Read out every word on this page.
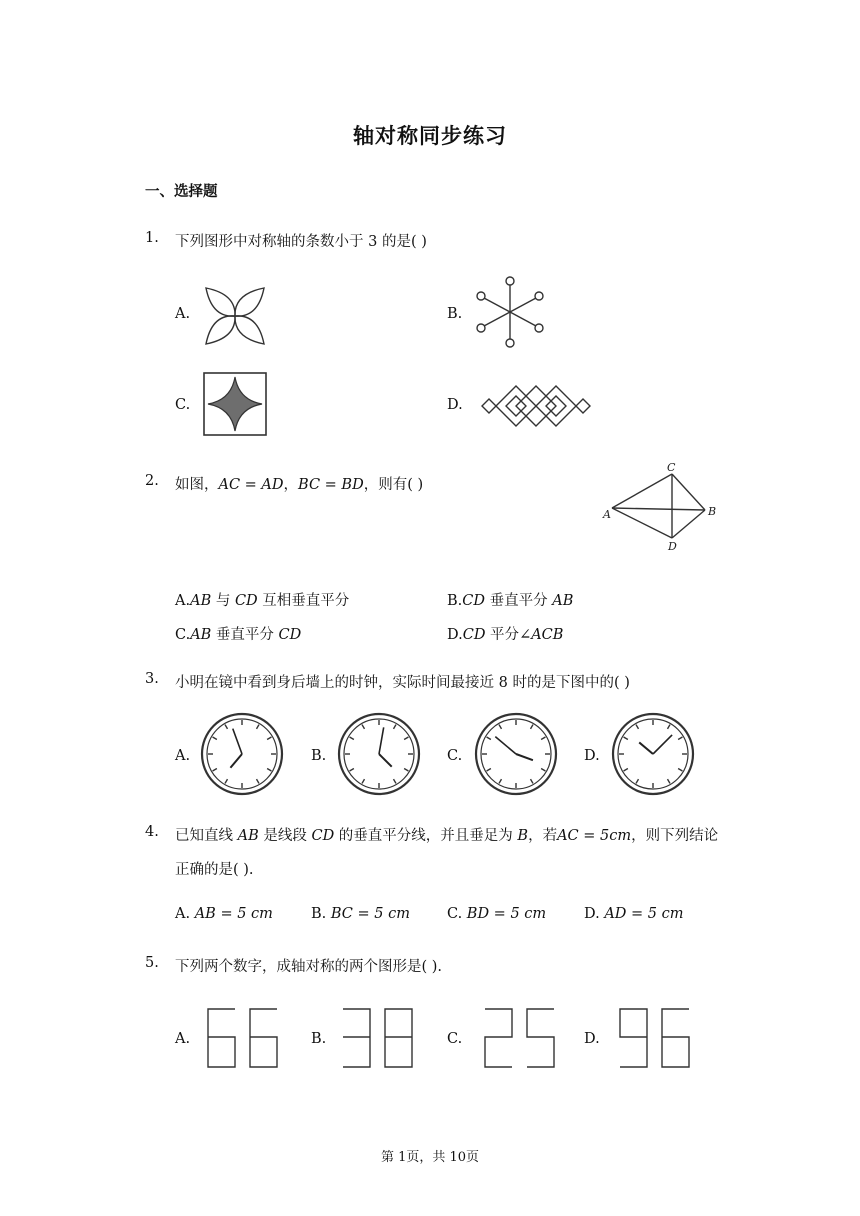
轴对称同步练习
一、选择题
1. 下列图形中对称轴的条数小于 3 的是( )
A.	B.
C.	D.
2. 如图，AC = AD，BC = BD，则有( )
A	B
C
D
A.AB 与 CD 互相垂直平分	B.CD 垂直平分 AB
C.AB 垂直平分 CD	D.CD 平分∠ACB
3. 小明在镜中看到身后墙上的时钟，实际时间最接近 8 时的是下图中的( )
A.	B.	C.	D.
4. 已知直线 AB 是线段 CD 的垂直平分线，并且垂足为 B，若AC = 5cm，则下列结论
正确的是( ).
A. AB = 5 cm	B. BC = 5 cm	C. BD = 5 cm	D. AD = 5 cm
5. 下列两个数字，成轴对称的两个图形是( ).
A.	B.	C.	D.
第 1页，共 10页
